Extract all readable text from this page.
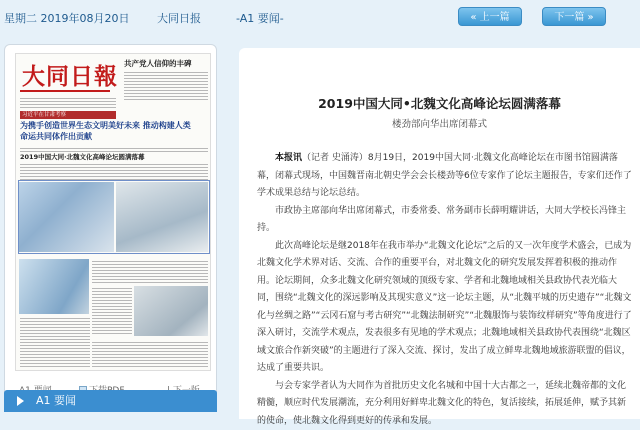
星期二 2019年08月20日	大同日报	-A1 要闻-	« 上一篇	下一篇 »
大同日報 共产党人信仰的丰碑
习近平在甘肃考察
为携手创造世界生态文明美好未来 推动构建人类命运共同体作出贡献
2019中国大同·北魏文化高峰论坛圆满落幕
A1 要闻
2019中国大同•北魏文化高峰论坛圆满落幕
楼劲部向华出席闭幕式

本报讯（记者 史涌涛）8月19日，2019中国大同·北魏文化高峰论坛在市图书馆圆满落幕，闭幕式现场，中国魏晋南北朝史学会会长楼劲等6位专家作了论坛主题报告，专家们还作了学术成果总结与论坛总结。

市政协主席部向华出席闭幕式，市委常委、常务副市长薛明耀讲话，大同大学校长冯锋主持。

此次高峰论坛是继2018年在我市举办“北魏文化论坛”之后的又一次年度学术盛会，已成为北魏文化学术界对话、交流、合作的重要平台，对北魏文化的研究发展发挥着积极的推动作用。论坛期间，众多北魏文化研究领域的顶级专家、学者和北魏地域相关县政协代表光临大同，围绕“北魏文化的深远影响及其现实意义”这一论坛主题，从“北魏平城的历史遗存”“北魏文化与丝绸之路”“云冈石窟与考古研究”“北魏法制研究”“北魏服饰与装饰纹样研究”等角度进行了深入研讨，交流学术观点，发表很多有见地的学术观点；北魏地域相关县政协代表围绕“北魏区域文旅合作新突破”的主题进行了深入交流、探讨，发出了成立鲜卑北魏地域旅游联盟的倡议，达成了重要共识。

与会专家学者认为大同作为首批历史文化名城和中国十大古都之一，延续北魏帝都的文化精髓，顺应时代发展潮流，充分利用好鲜卑北魏文化的特色，复活接续，拓展延伸，赋予其新的使命，使北魏文化得到更好的传承和发展。
